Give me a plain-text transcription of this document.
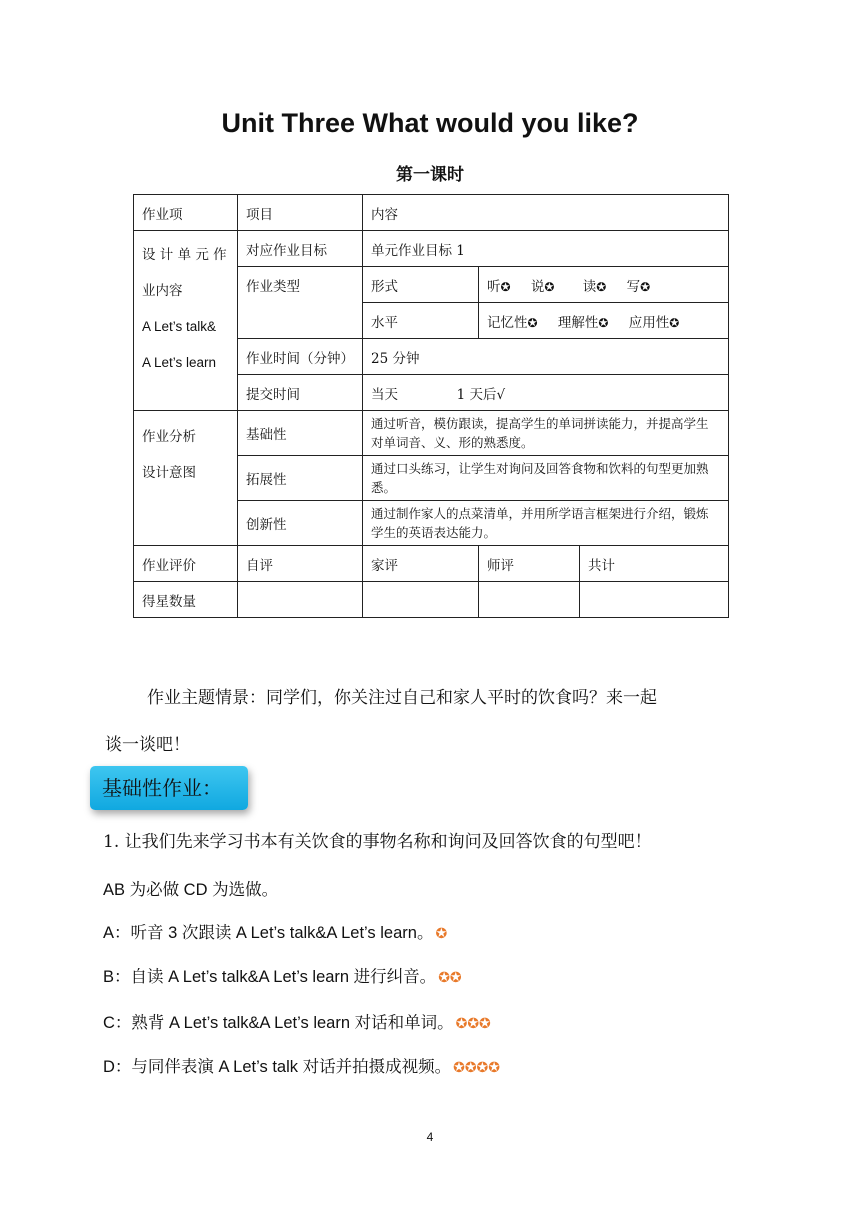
Unit Three What would you like?
第一课时
作业项	项目	内容		

设 计 单 元 作
业内容
A Let’s talk&
A Let’s learn	对应作业目标	单元作业目标 1		
	作业类型	形式	听✪ 说✪ 读✪ 写✪	
		水平	记忆性✪ 理解性✪ 应用性✪	
	作业时间（分钟）	25 分钟		
	提交时间	当天 1 天后√		

作业分析
设计意图	基础性	通过听音，模仿跟读，提高学生的单词拼读能力，并提高学生对单词音、义、形的熟悉度。		
	拓展性	通过口头练习，让学生对询问及回答食物和饮料的句型更加熟悉。		
	创新性	通过制作家人的点菜清单，并用所学语言框架进行介绍，锻炼学生的英语表达能力。		
作业评价	自评	家评	师评	共计
得星数量				
作业主题情景：同学们，你关注过自己和家人平时的饮食吗？来一起
谈一谈吧！
基础性作业：
1. 让我们先来学习书本有关饮食的事物名称和询问及回答饮食的句型吧！
AB 为必做 CD 为选做。
A：听音 3 次跟读 A Let’s talk&A Let’s learn。 ✪
B：自读 A Let’s talk&A Let’s learn 进行纠音。 ✪✪
C：熟背 A Let’s talk&A Let’s learn 对话和单词。 ✪✪✪
D：与同伴表演 A Let’s talk 对话并拍摄成视频。 ✪✪✪✪
4
